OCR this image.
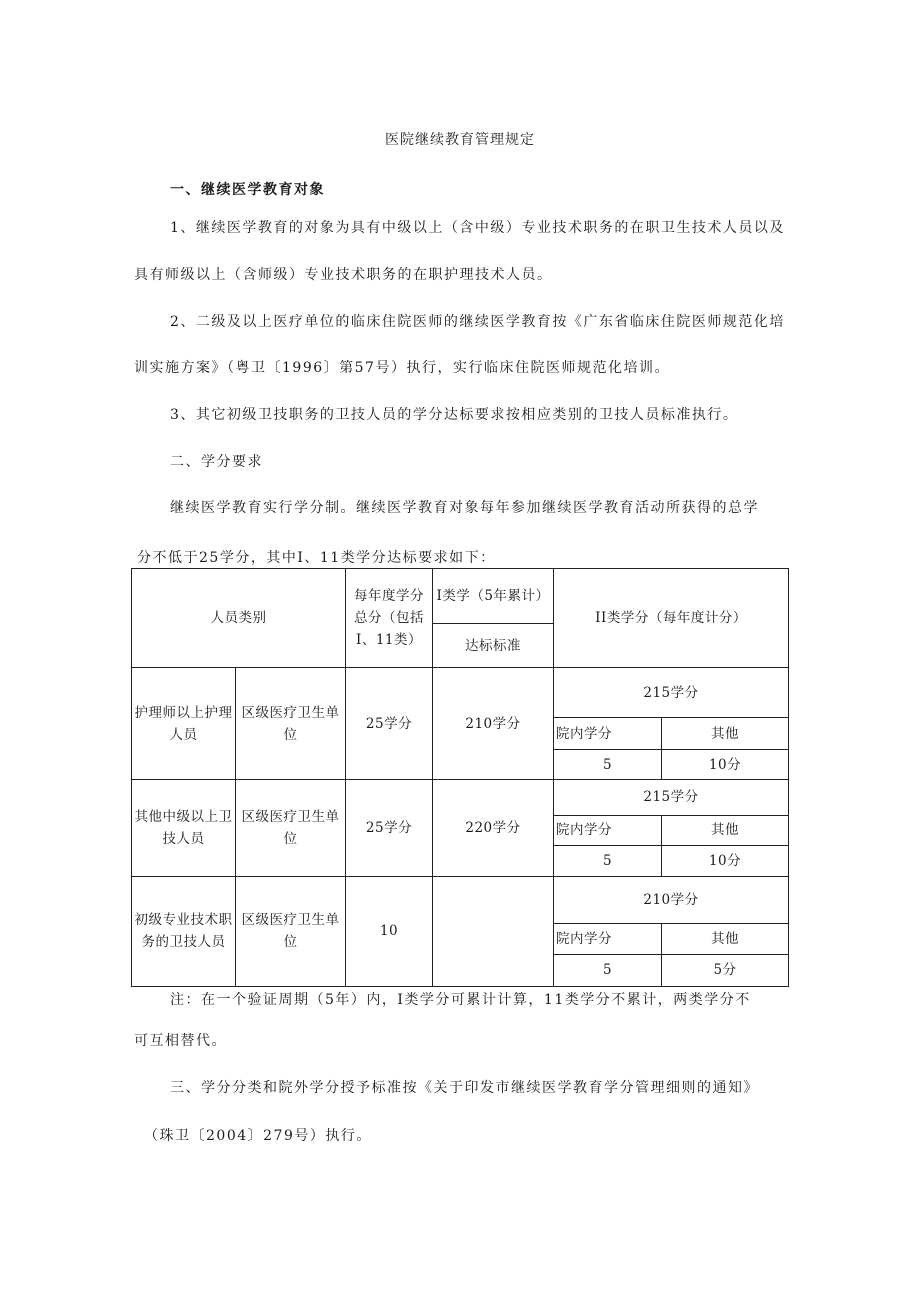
医院继续教育管理规定
一、继续医学教育对象
1、继续医学教育的对象为具有中级以上（含中级）专业技术职务的在职卫生技术人员以及
具有师级以上（含师级）专业技术职务的在职护理技术人员。
2、二级及以上医疗单位的临床住院医师的继续医学教育按《广东省临床住院医师规范化培
训实施方案》（粤卫〔1996〕第57号）执行，实行临床住院医师规范化培训。
3、其它初级卫技职务的卫技人员的学分达标要求按相应类别的卫技人员标准执行。
二、学分要求
继续医学教育实行学分制。继续医学教育对象每年参加继续医学教育活动所获得的总学
分不低于25学分，其中I、11类学分达标要求如下：
人员类别		每年度学分总分（包括I、11类）	I类学（5年累计）	II类学分（每年度计分）	
			达标标准		
护理师以上护理人员	区级医疗卫生单位	25学分	210学分	215学分	
				院内学分	其他
				5	10分
其他中级以上卫技人员	区级医疗卫生单位	25学分	220学分	215学分	
				院内学分	其他
				5	10分
初级专业技术职务的卫技人员	区级医疗卫生单位	10		210学分	
				院内学分	其他
				5	5分
注：在一个验证周期（5年）内，I类学分可累计计算，11类学分不累计，两类学分不
可互相替代。
三、学分分类和院外学分授予标准按《关于印发市继续医学教育学分管理细则的通知》
（珠卫〔2004〕279号）执行。
